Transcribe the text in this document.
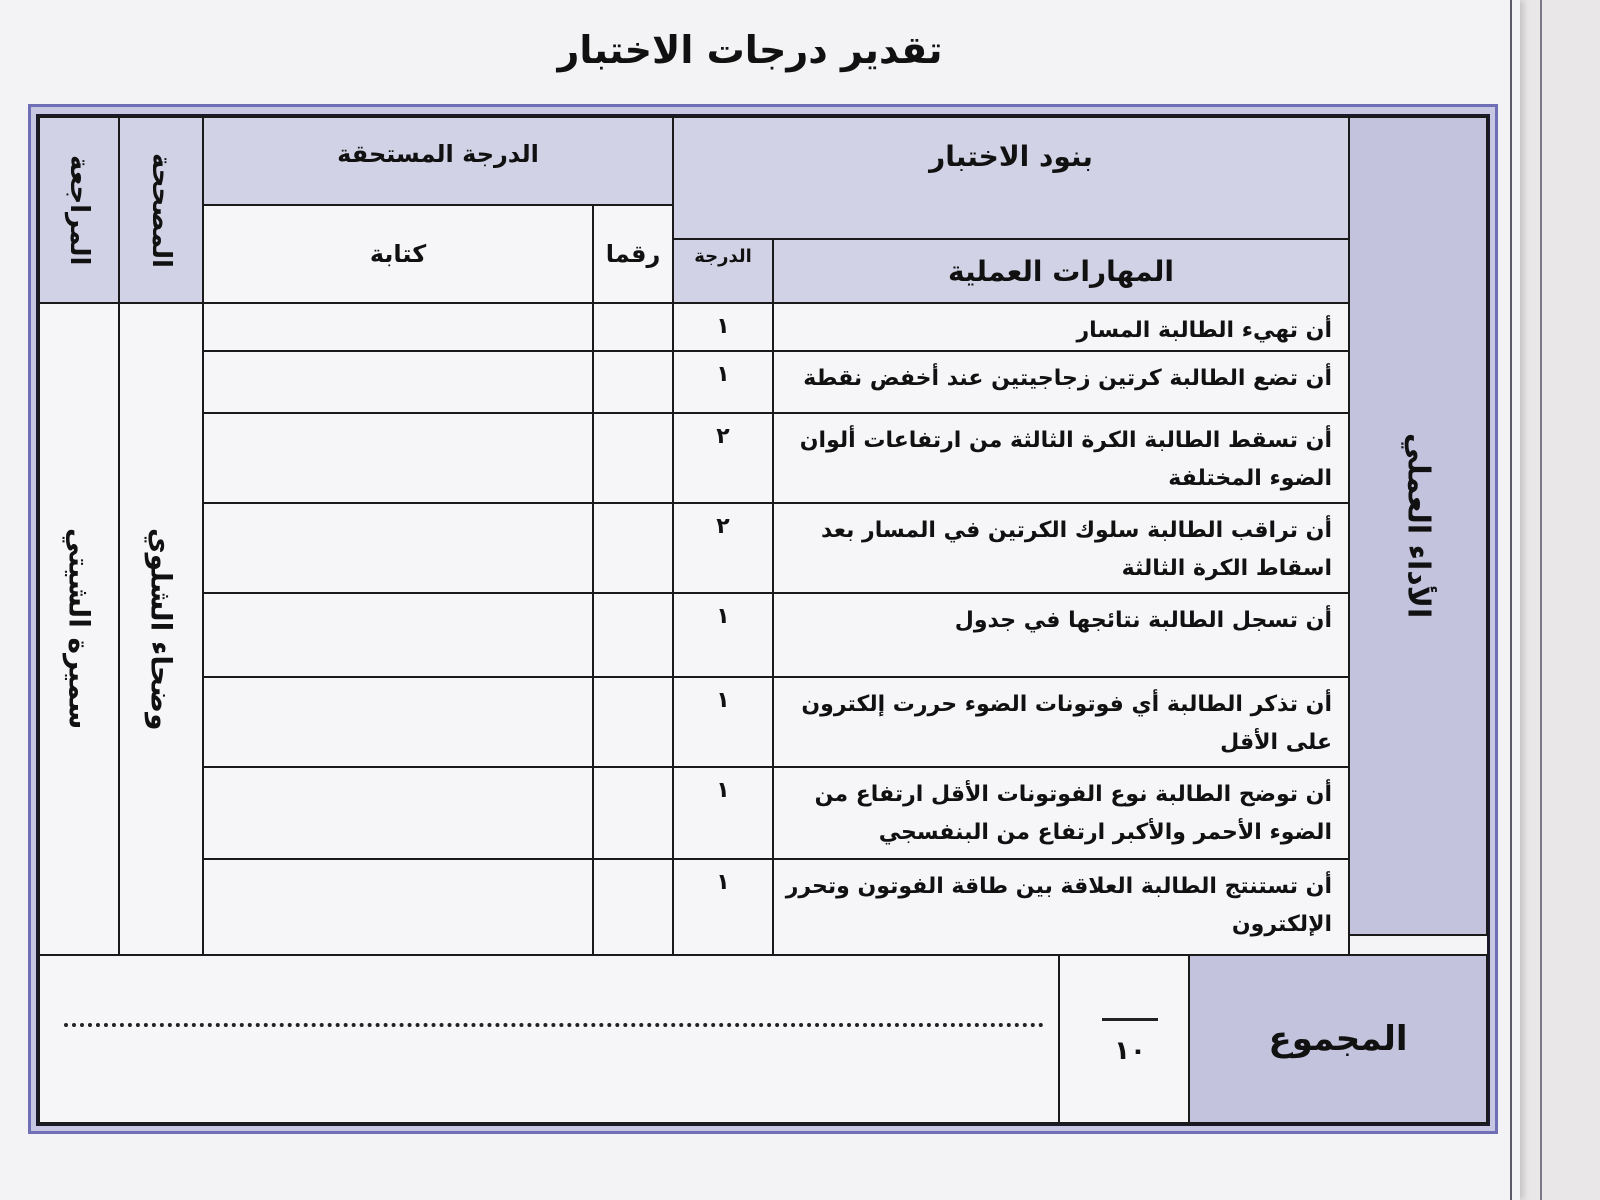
تقدير درجات الاختبار
الأداء العملي
بنود الاختبار
المهارات العملية
الدرجة
الدرجة المستحقة
رقما
كتابة
المصححة
المراجعة
وضحاء الشلوي
سميرة الشيتي
أن تهيء الطالبة المسار
١
أن تضع الطالبة كرتين زجاجيتين عند أخفض نقطة
١
أن تسقط الطالبة الكرة الثالثة من ارتفاعات ألوان الضوء المختلفة
٢
أن تراقب الطالبة سلوك الكرتين في المسار بعد اسقاط الكرة الثالثة
٢
أن تسجل الطالبة نتائجها في جدول
١
أن تذكر الطالبة أي فوتونات الضوء حررت إلكترون على الأقل
١
أن توضح الطالبة نوع الفوتونات الأقل ارتفاع من الضوء الأحمر والأكبر ارتفاع من البنفسجي
١
أن تستنتج الطالبة العلاقة بين طاقة الفوتون وتحرر الإلكترون
١
المجموع
١٠
